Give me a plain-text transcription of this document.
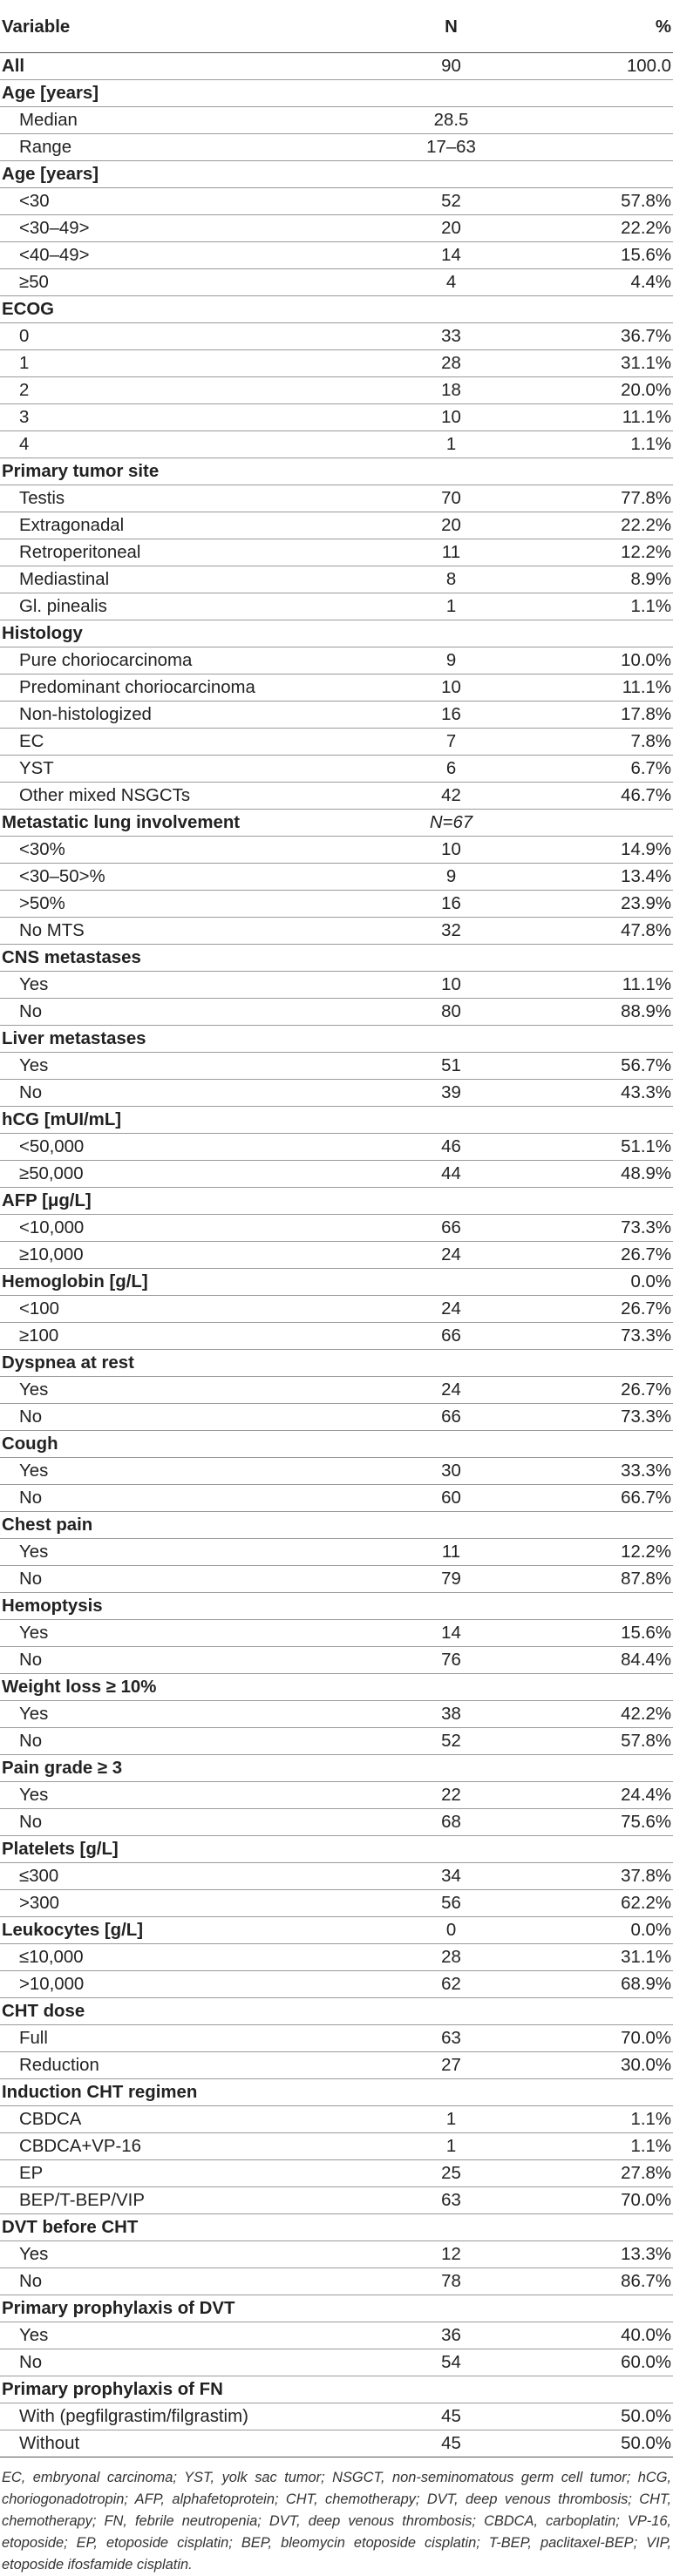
Variable	N	%
All	90	100.0
Age [years]		
Median	28.5	
Range	17–63	
Age [years]		
<30	52	57.8%
<30–49>	20	22.2%
<40–49>	14	15.6%
≥50	4	4.4%
ECOG		
0	33	36.7%
1	28	31.1%
2	18	20.0%
3	10	11.1%
4	1	1.1%
Primary tumor site		
Testis	70	77.8%
Extragonadal	20	22.2%
Retroperitoneal	11	12.2%
Mediastinal	8	8.9%
Gl. pinealis	1	1.1%
Histology		
Pure choriocarcinoma	9	10.0%
Predominant choriocarcinoma	10	11.1%
Non-histologized	16	17.8%
EC	7	7.8%
YST	6	6.7%
Other mixed NSGCTs	42	46.7%
Metastatic lung involvement	N=67	
<30%	10	14.9%
<30–50>%	9	13.4%
>50%	16	23.9%
No MTS	32	47.8%
CNS metastases		
Yes	10	11.1%
No	80	88.9%
Liver metastases		
Yes	51	56.7%
No	39	43.3%
hCG [mUI/mL]		
<50,000	46	51.1%
≥50,000	44	48.9%
AFP [μg/L]		
<10,000	66	73.3%
≥10,000	24	26.7%
Hemoglobin [g/L]		0.0%
<100	24	26.7%
≥100	66	73.3%
Dyspnea at rest		
Yes	24	26.7%
No	66	73.3%
Cough		
Yes	30	33.3%
No	60	66.7%
Chest pain		
Yes	11	12.2%
No	79	87.8%
Hemoptysis		
Yes	14	15.6%
No	76	84.4%
Weight loss ≥ 10%		
Yes	38	42.2%
No	52	57.8%
Pain grade ≥ 3		
Yes	22	24.4%
No	68	75.6%
Platelets [g/L]		
≤300	34	37.8%
>300	56	62.2%
Leukocytes [g/L]	0	0.0%
≤10,000	28	31.1%
>10,000	62	68.9%
CHT dose		
Full	63	70.0%
Reduction	27	30.0%
Induction CHT regimen		
CBDCA	1	1.1%
CBDCA+VP-16	1	1.1%
EP	25	27.8%
BEP/T-BEP/VIP	63	70.0%
DVT before CHT		
Yes	12	13.3%
No	78	86.7%
Primary prophylaxis of DVT		
Yes	36	40.0%
No	54	60.0%
Primary prophylaxis of FN		
With (pegfilgrastim/filgrastim)	45	50.0%
Without	45	50.0%

EC, embryonal carcinoma; YST, yolk sac tumor; NSGCT, non-seminomatous germ cell tumor; hCG, choriogonadotropin; AFP, alphafetoprotein; CHT, chemotherapy; DVT, deep venous thrombosis; CHT, chemotherapy; FN, febrile neutropenia; DVT, deep venous thrombosis; CBDCA, carboplatin; VP-16, etoposide; EP, etoposide cisplatin; BEP, bleomycin etoposide cisplatin; T-BEP, paclitaxel-BEP; VIP, etoposide ifosfamide cisplatin.
